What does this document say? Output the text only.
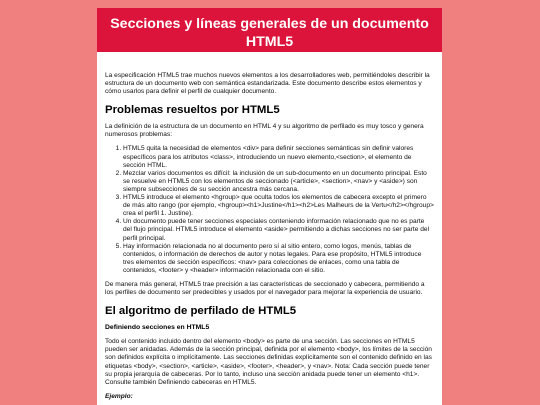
Secciones y líneas generales de un documento
HTML5

La especificación HTML5 trae muchos nuevos elementos a los desarrolladores web, permitiéndoles describir la estructura de un documento web con semántica estandarizada. Este documento describe estos elementos y cómo usarlos para definir el perfil de cualquier documento.

Problemas resueltos por HTML5

La definición de la estructura de un documento en HTML 4 y su algoritmo de perfilado es muy tosco y genera numerosos problemas:

1. HTML5 quita la necesidad de elementos <div> para definir secciones semánticas sin definir valores específicos para los atributos <class>, introduciendo un nuevo elemento,<section>, el elemento de sección HTML.
2. Mezclar varios documentos es difícil: la inclusión de un sub-documento en un documento principal. Esto se resuelve en HTML5 con los elementos de seccionado (<article>, <section>, <nav> y <aside>) son siempre subsecciones de su sección ancestra más cercana.
3. HTML5 introduce el elemento <hgroup> que oculta todos los elementos de cabecera excepto el primero de más alto rango (por ejemplo, <hgroup><h1>Justine</h1><h2>Les Malheurs de la Vertu</h2></hgroup> crea el perfil 1. Justine).
4. Un documento puede tener secciones especiales conteniendo información relacionado que no es parte del flujo principal. HTML5 introduce el elemento <aside> permitiendo a dichas secciones no ser parte del perfil principal.
5. Hay información relacionada no al documento pero sí al sitio entero, como logos, menús, tablas de contenidos, o información de derechos de autor y notas legales. Para ese propósito, HTML5 introduce tres elementos de sección específicos: <nav> para colecciones de enlaces, como una tabla de contenidos, <footer> y <header> información relacionada con el sitio.

De manera más general, HTML5 trae precisión a las características de seccionado y cabecera, permitiendo a los perfiles de documento ser predecibles y usados por el navegador para mejorar la experiencia de usuario.

El algoritmo de perfilado de HTML5
Definiendo secciones en HTML5

Todo el contenido incluido dentro del elemento <body> es parte de una sección. Las secciones en HTML5 pueden ser anidadas. Además de la sección principal, definida por el elemento <body>, los límites de la sección son definidos explícita o implícitamente. Las secciones definidas explícitamente son el contenido definido en las etiquetas <body>, <section>, <article>, <aside>, <footer>, <header>, y <nav>. Nota: Cada sección puede tener su propia jerarquía de cabeceras. Por lo tanto, incluso una sección anidada puede tener un elemento <h1>. Consulte también Definiendo cabeceras en HTML5.

Ejemplo:
